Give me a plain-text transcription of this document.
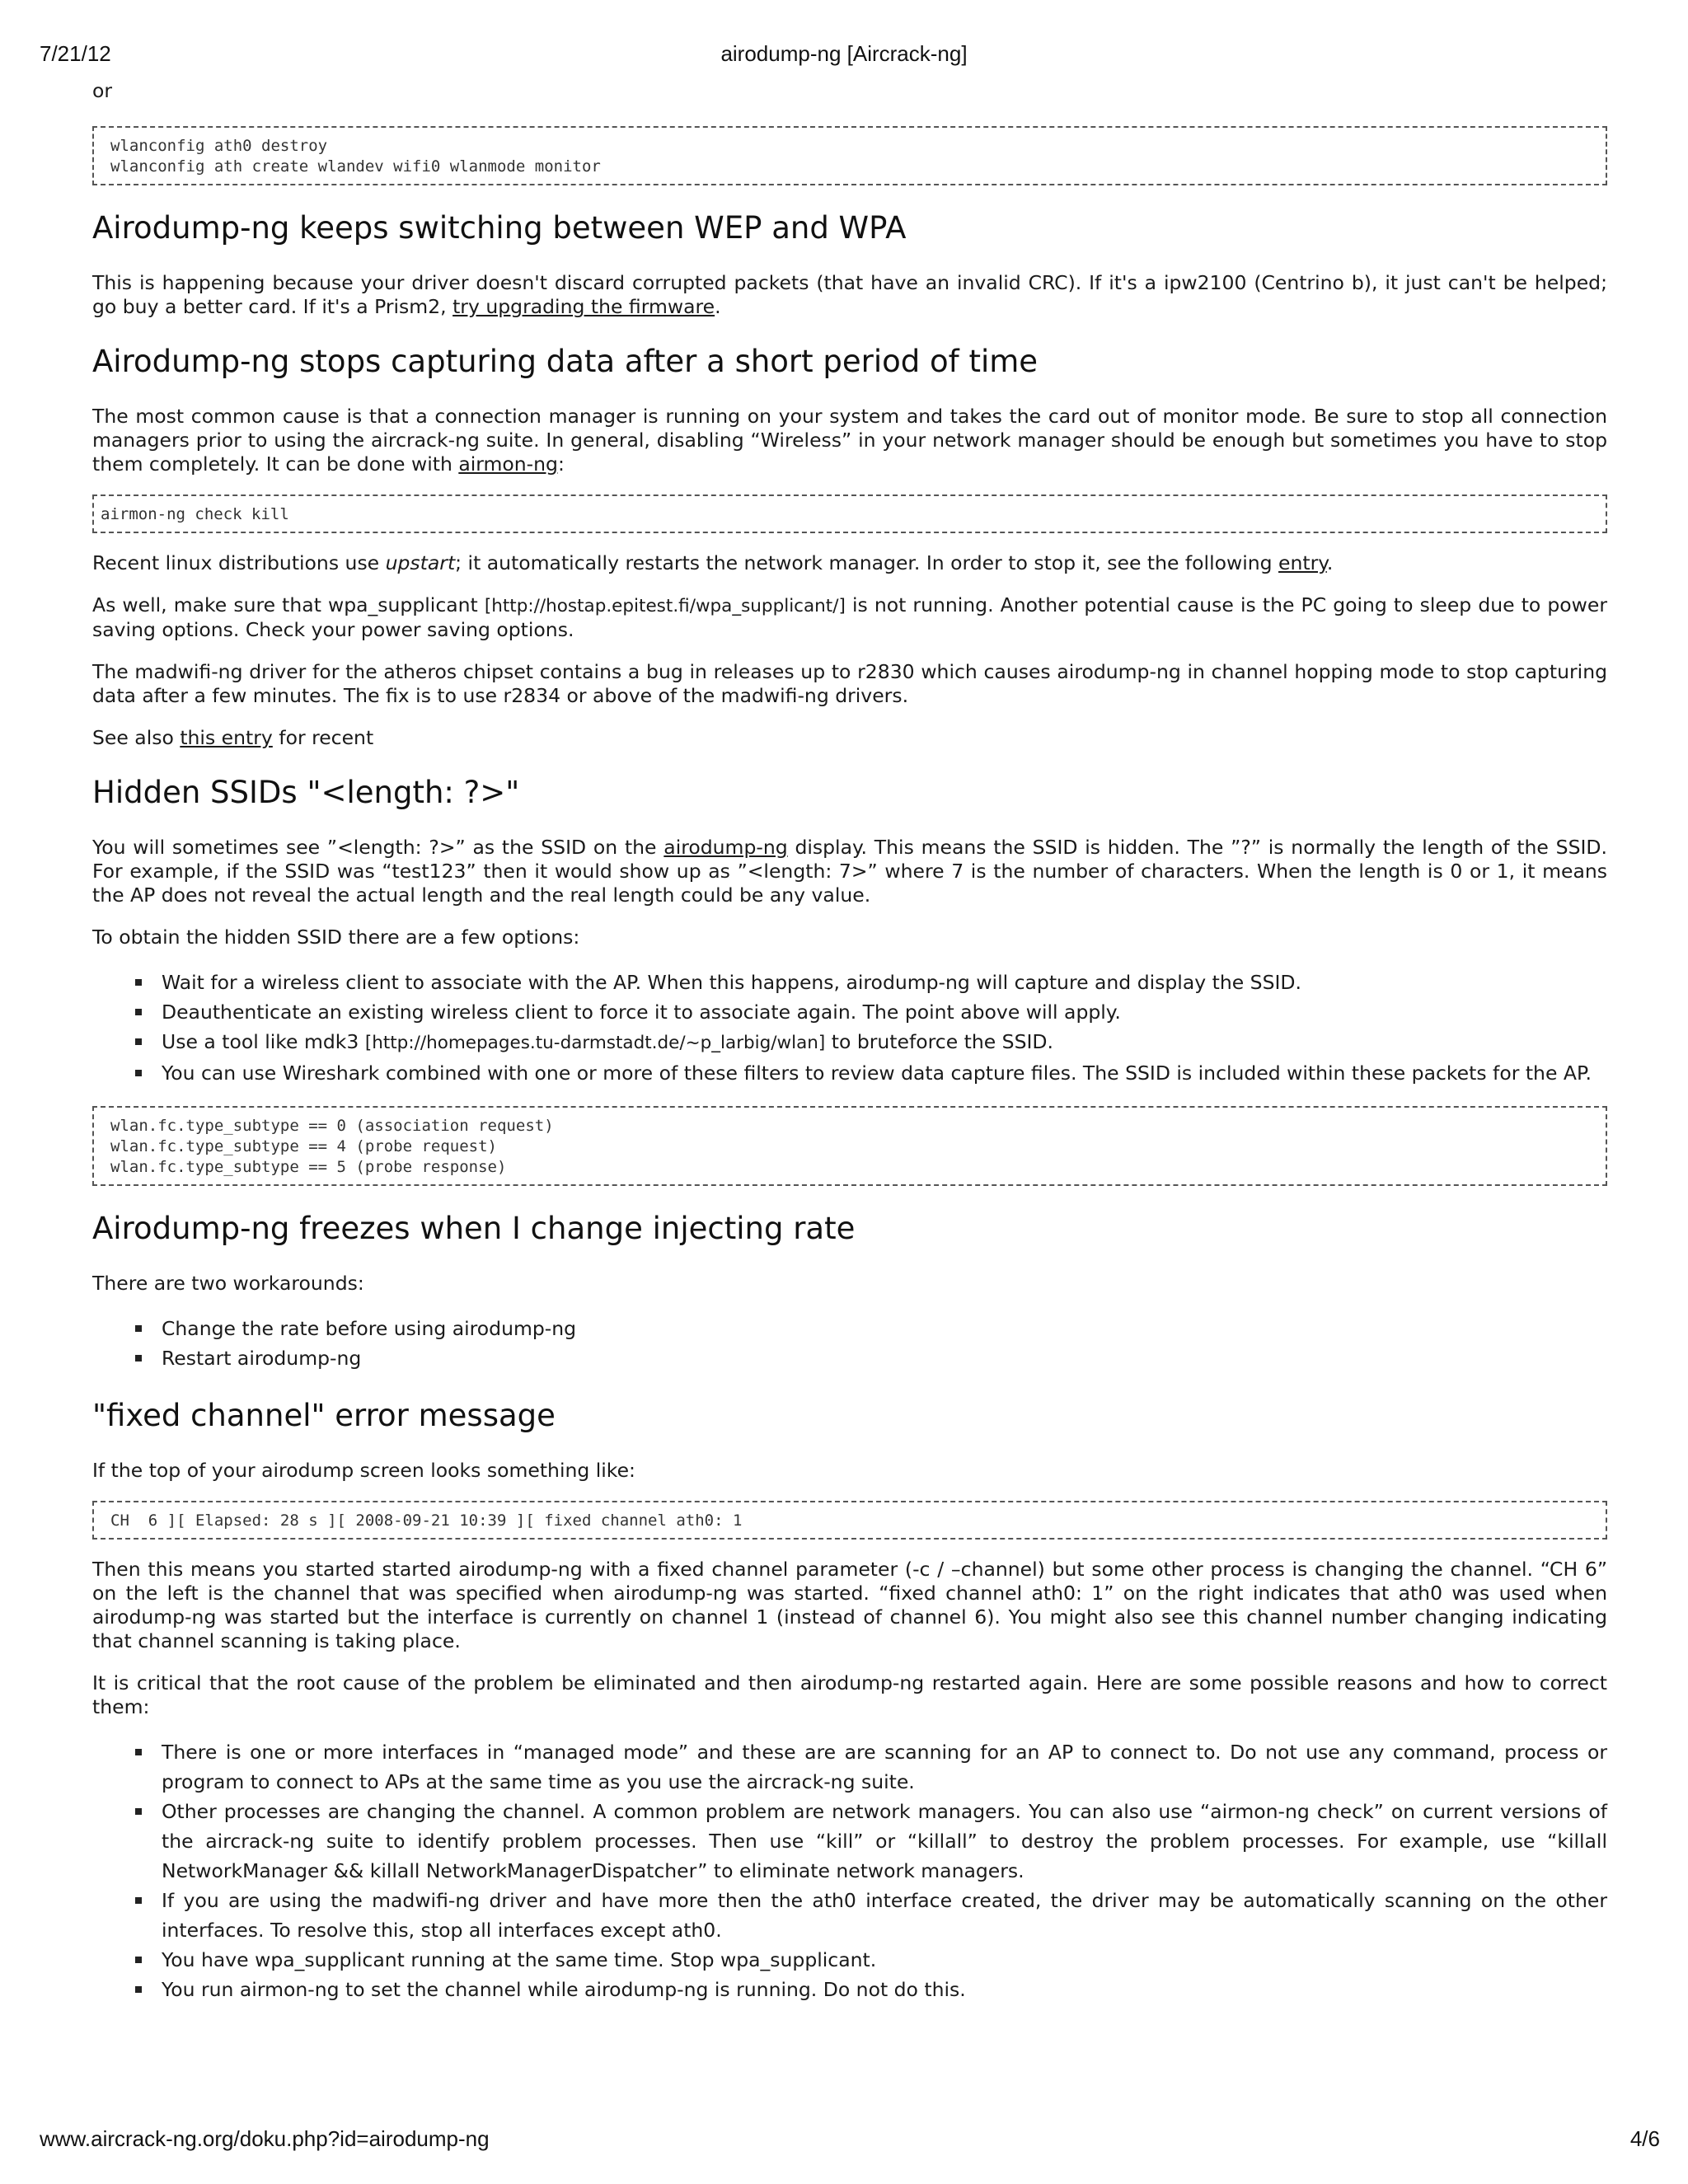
7/21/12	airodump-ng [Aircrack-ng]

or

wlanconfig ath0 destroy
wlanconfig ath create wlandev wifi0 wlanmode monitor
Airodump-ng keeps switching between WEP and WPA

This is happening because your driver doesn't discard corrupted packets (that have an invalid CRC). If it's a ipw2100 (Centrino b), it just can't be helped; go buy a better card. If it's a Prism2, try upgrading the firmware.

Airodump-ng stops capturing data after a short period of time

The most common cause is that a connection manager is running on your system and takes the card out of monitor mode. Be sure to stop all connection managers prior to using the aircrack-ng suite. In general, disabling “Wireless” in your network manager should be enough but sometimes you have to stop them completely. It can be done with airmon-ng:

airmon-ng check kill

Recent linux distributions use upstart; it automatically restarts the network manager. In order to stop it, see the following entry.

As well, make sure that wpa_supplicant [http://hostap.epitest.fi/wpa_supplicant/] is not running. Another potential cause is the PC going to sleep due to power saving options. Check your power saving options.

The madwifi-ng driver for the atheros chipset contains a bug in releases up to r2830 which causes airodump-ng in channel hopping mode to stop capturing data after a few minutes. The fix is to use r2834 or above of the madwifi-ng drivers.

See also this entry for recent

Hidden SSIDs "<length: ?>"

You will sometimes see ”<length: ?>” as the SSID on the airodump-ng display. This means the SSID is hidden. The ”?” is normally the length of the SSID. For example, if the SSID was “test123” then it would show up as ”<length: 7>” where 7 is the number of characters. When the length is 0 or 1, it means the AP does not reveal the actual length and the real length could be any value.

To obtain the hidden SSID there are a few options:

Wait for a wireless client to associate with the AP. When this happens, airodump-ng will capture and display the SSID.
Deauthenticate an existing wireless client to force it to associate again. The point above will apply.
Use a tool like mdk3 [http://homepages.tu-darmstadt.de/~p_larbig/wlan] to bruteforce the SSID.
You can use Wireshark combined with one or more of these filters to review data capture files. The SSID is included within these packets for the AP.
wlan.fc.type_subtype == 0 (association request)
wlan.fc.type_subtype == 4 (probe request)
wlan.fc.type_subtype == 5 (probe response)
Airodump-ng freezes when I change injecting rate

There are two workarounds:

Change the rate before using airodump-ng
Restart airodump-ng
"fixed channel" error message

If the top of your airodump screen looks something like:

CH  6 ][ Elapsed: 28 s ][ 2008-09-21 10:39 ][ fixed channel ath0: 1

Then this means you started started airodump-ng with a fixed channel parameter (-c / –channel) but some other process is changing the channel. “CH 6” on the left is the channel that was specified when airodump-ng was started. “fixed channel ath0: 1” on the right indicates that ath0 was used when airodump-ng was started but the interface is currently on channel 1 (instead of channel 6). You might also see this channel number changing indicating that channel scanning is taking place.

It is critical that the root cause of the problem be eliminated and then airodump-ng restarted again. Here are some possible reasons and how to correct them:

There is one or more interfaces in “managed mode” and these are are scanning for an AP to connect to. Do not use any command, process or program to connect to APs at the same time as you use the aircrack-ng suite.
Other processes are changing the channel. A common problem are network managers. You can also use “airmon-ng check” on current versions of the aircrack-ng suite to identify problem processes. Then use “kill” or “killall” to destroy the problem processes. For example, use “killall NetworkManager && killall NetworkManagerDispatcher” to eliminate network managers.
If you are using the madwifi-ng driver and have more then the ath0 interface created, the driver may be automatically scanning on the other interfaces. To resolve this, stop all interfaces except ath0.
You have wpa_supplicant running at the same time. Stop wpa_supplicant.
You run airmon-ng to set the channel while airodump-ng is running. Do not do this.
www.aircrack-ng.org/doku.php?id=airodump-ng	4/6
